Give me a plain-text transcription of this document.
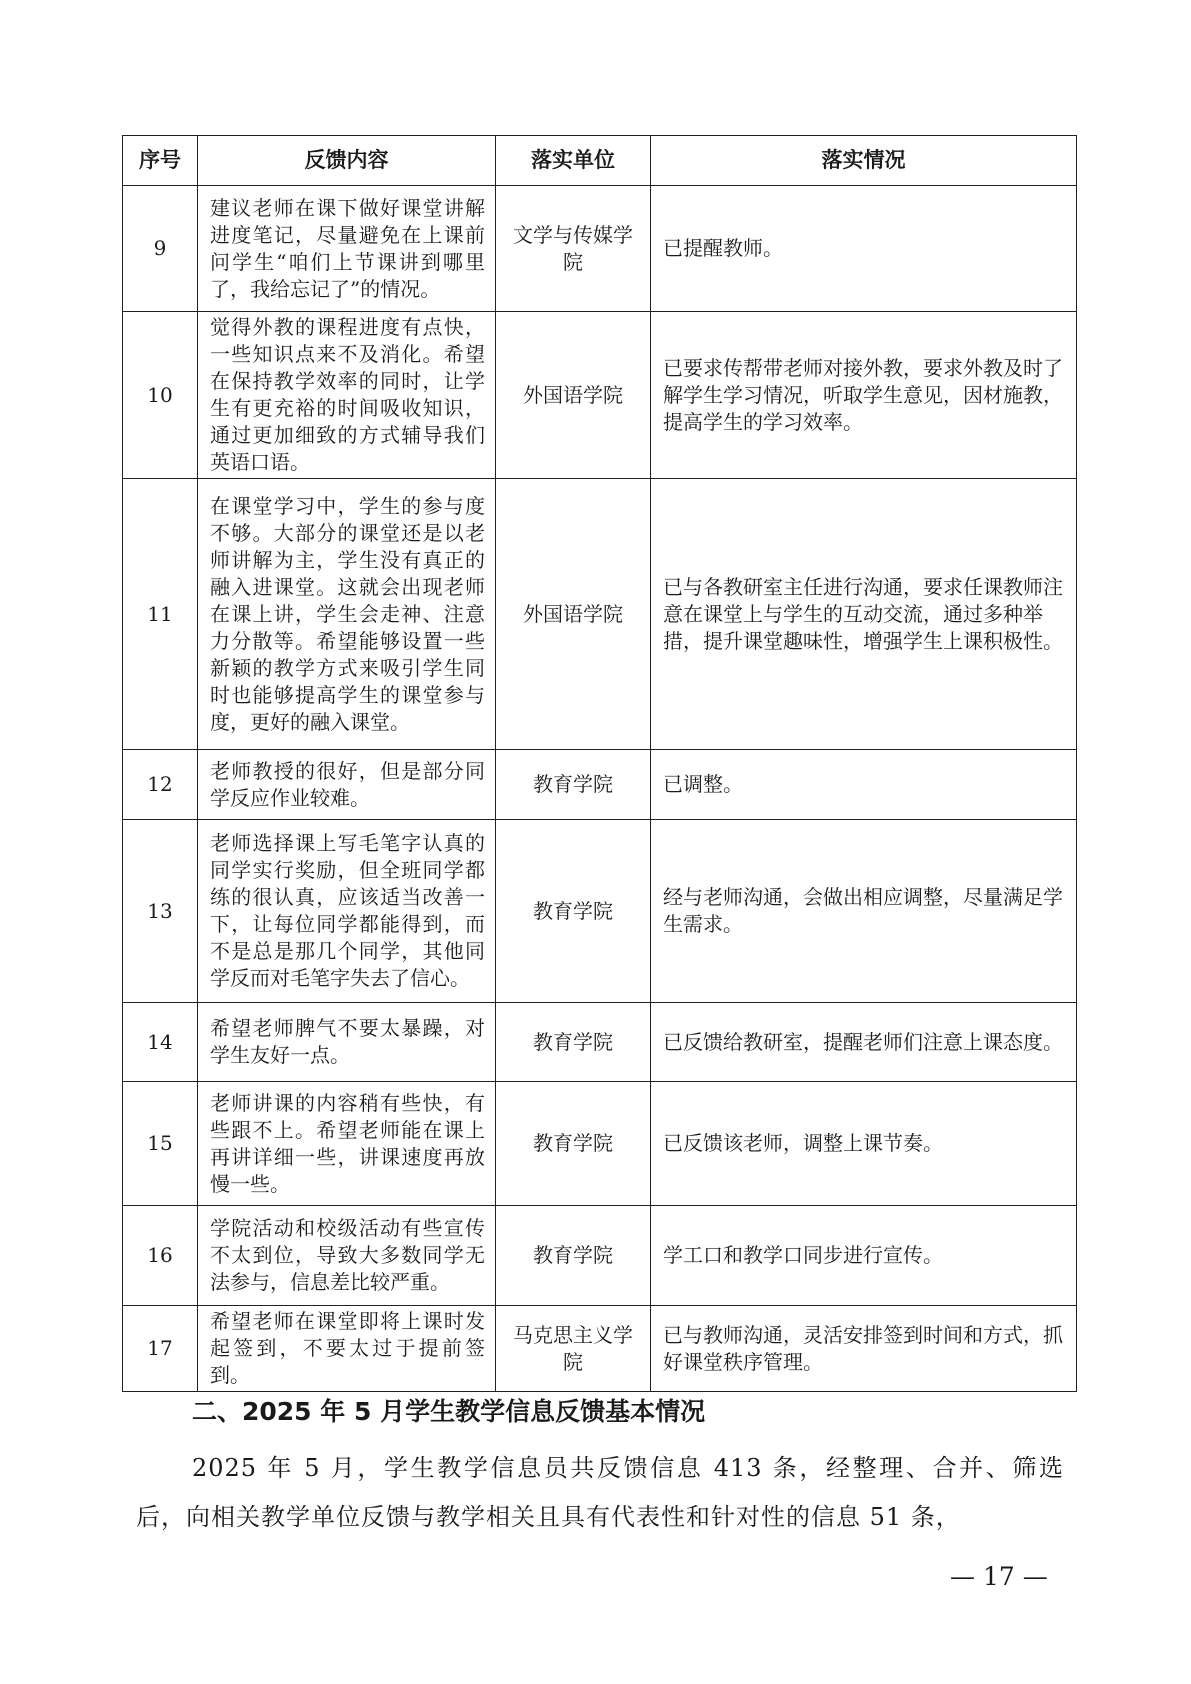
序号	反馈内容	落实单位	落实情况
9	建议老师在课下做好课堂讲解进度笔记，尽量避免在上课前问学生“咱们上节课讲到哪里了，我给忘记了”的情况。	文学与传媒学院	已提醒教师。
10	觉得外教的课程进度有点快，一些知识点来不及消化。希望在保持教学效率的同时，让学生有更充裕的时间吸收知识，通过更加细致的方式辅导我们英语口语。	外国语学院	已要求传帮带老师对接外教，要求外教及时了解学生学习情况，听取学生意见，因材施教，提高学生的学习效率。
11	在课堂学习中，学生的参与度不够。大部分的课堂还是以老师讲解为主，学生没有真正的融入进课堂。这就会出现老师在课上讲，学生会走神、注意力分散等。希望能够设置一些新颖的教学方式来吸引学生同时也能够提高学生的课堂参与度，更好的融入课堂。	外国语学院	已与各教研室主任进行沟通，要求任课教师注意在课堂上与学生的互动交流，通过多种举措，提升课堂趣味性，增强学生上课积极性。
12	老师教授的很好，但是部分同学反应作业较难。	教育学院	已调整。
13	老师选择课上写毛笔字认真的同学实行奖励，但全班同学都练的很认真，应该适当改善一下，让每位同学都能得到，而不是总是那几个同学，其他同学反而对毛笔字失去了信心。	教育学院	经与老师沟通，会做出相应调整，尽量满足学生需求。
14	希望老师脾气不要太暴躁，对学生友好一点。	教育学院	已反馈给教研室，提醒老师们注意上课态度。
15	老师讲课的内容稍有些快，有些跟不上。希望老师能在课上再讲详细一些，讲课速度再放慢一些。	教育学院	已反馈该老师，调整上课节奏。
16	学院活动和校级活动有些宣传不太到位，导致大多数同学无法参与，信息差比较严重。	教育学院	学工口和教学口同步进行宣传。
17	希望老师在课堂即将上课时发起签到，不要太过于提前签到。	马克思主义学院	已与教师沟通，灵活安排签到时间和方式，抓好课堂秩序管理。
二、2025 年 5 月学生教学信息反馈基本情况

2025 年 5 月，学生教学信息员共反馈信息 413 条，经整理、合并、筛选后，向相关教学单位反馈与教学相关且具有代表性和针对性的信息 51 条，

— 17 —
